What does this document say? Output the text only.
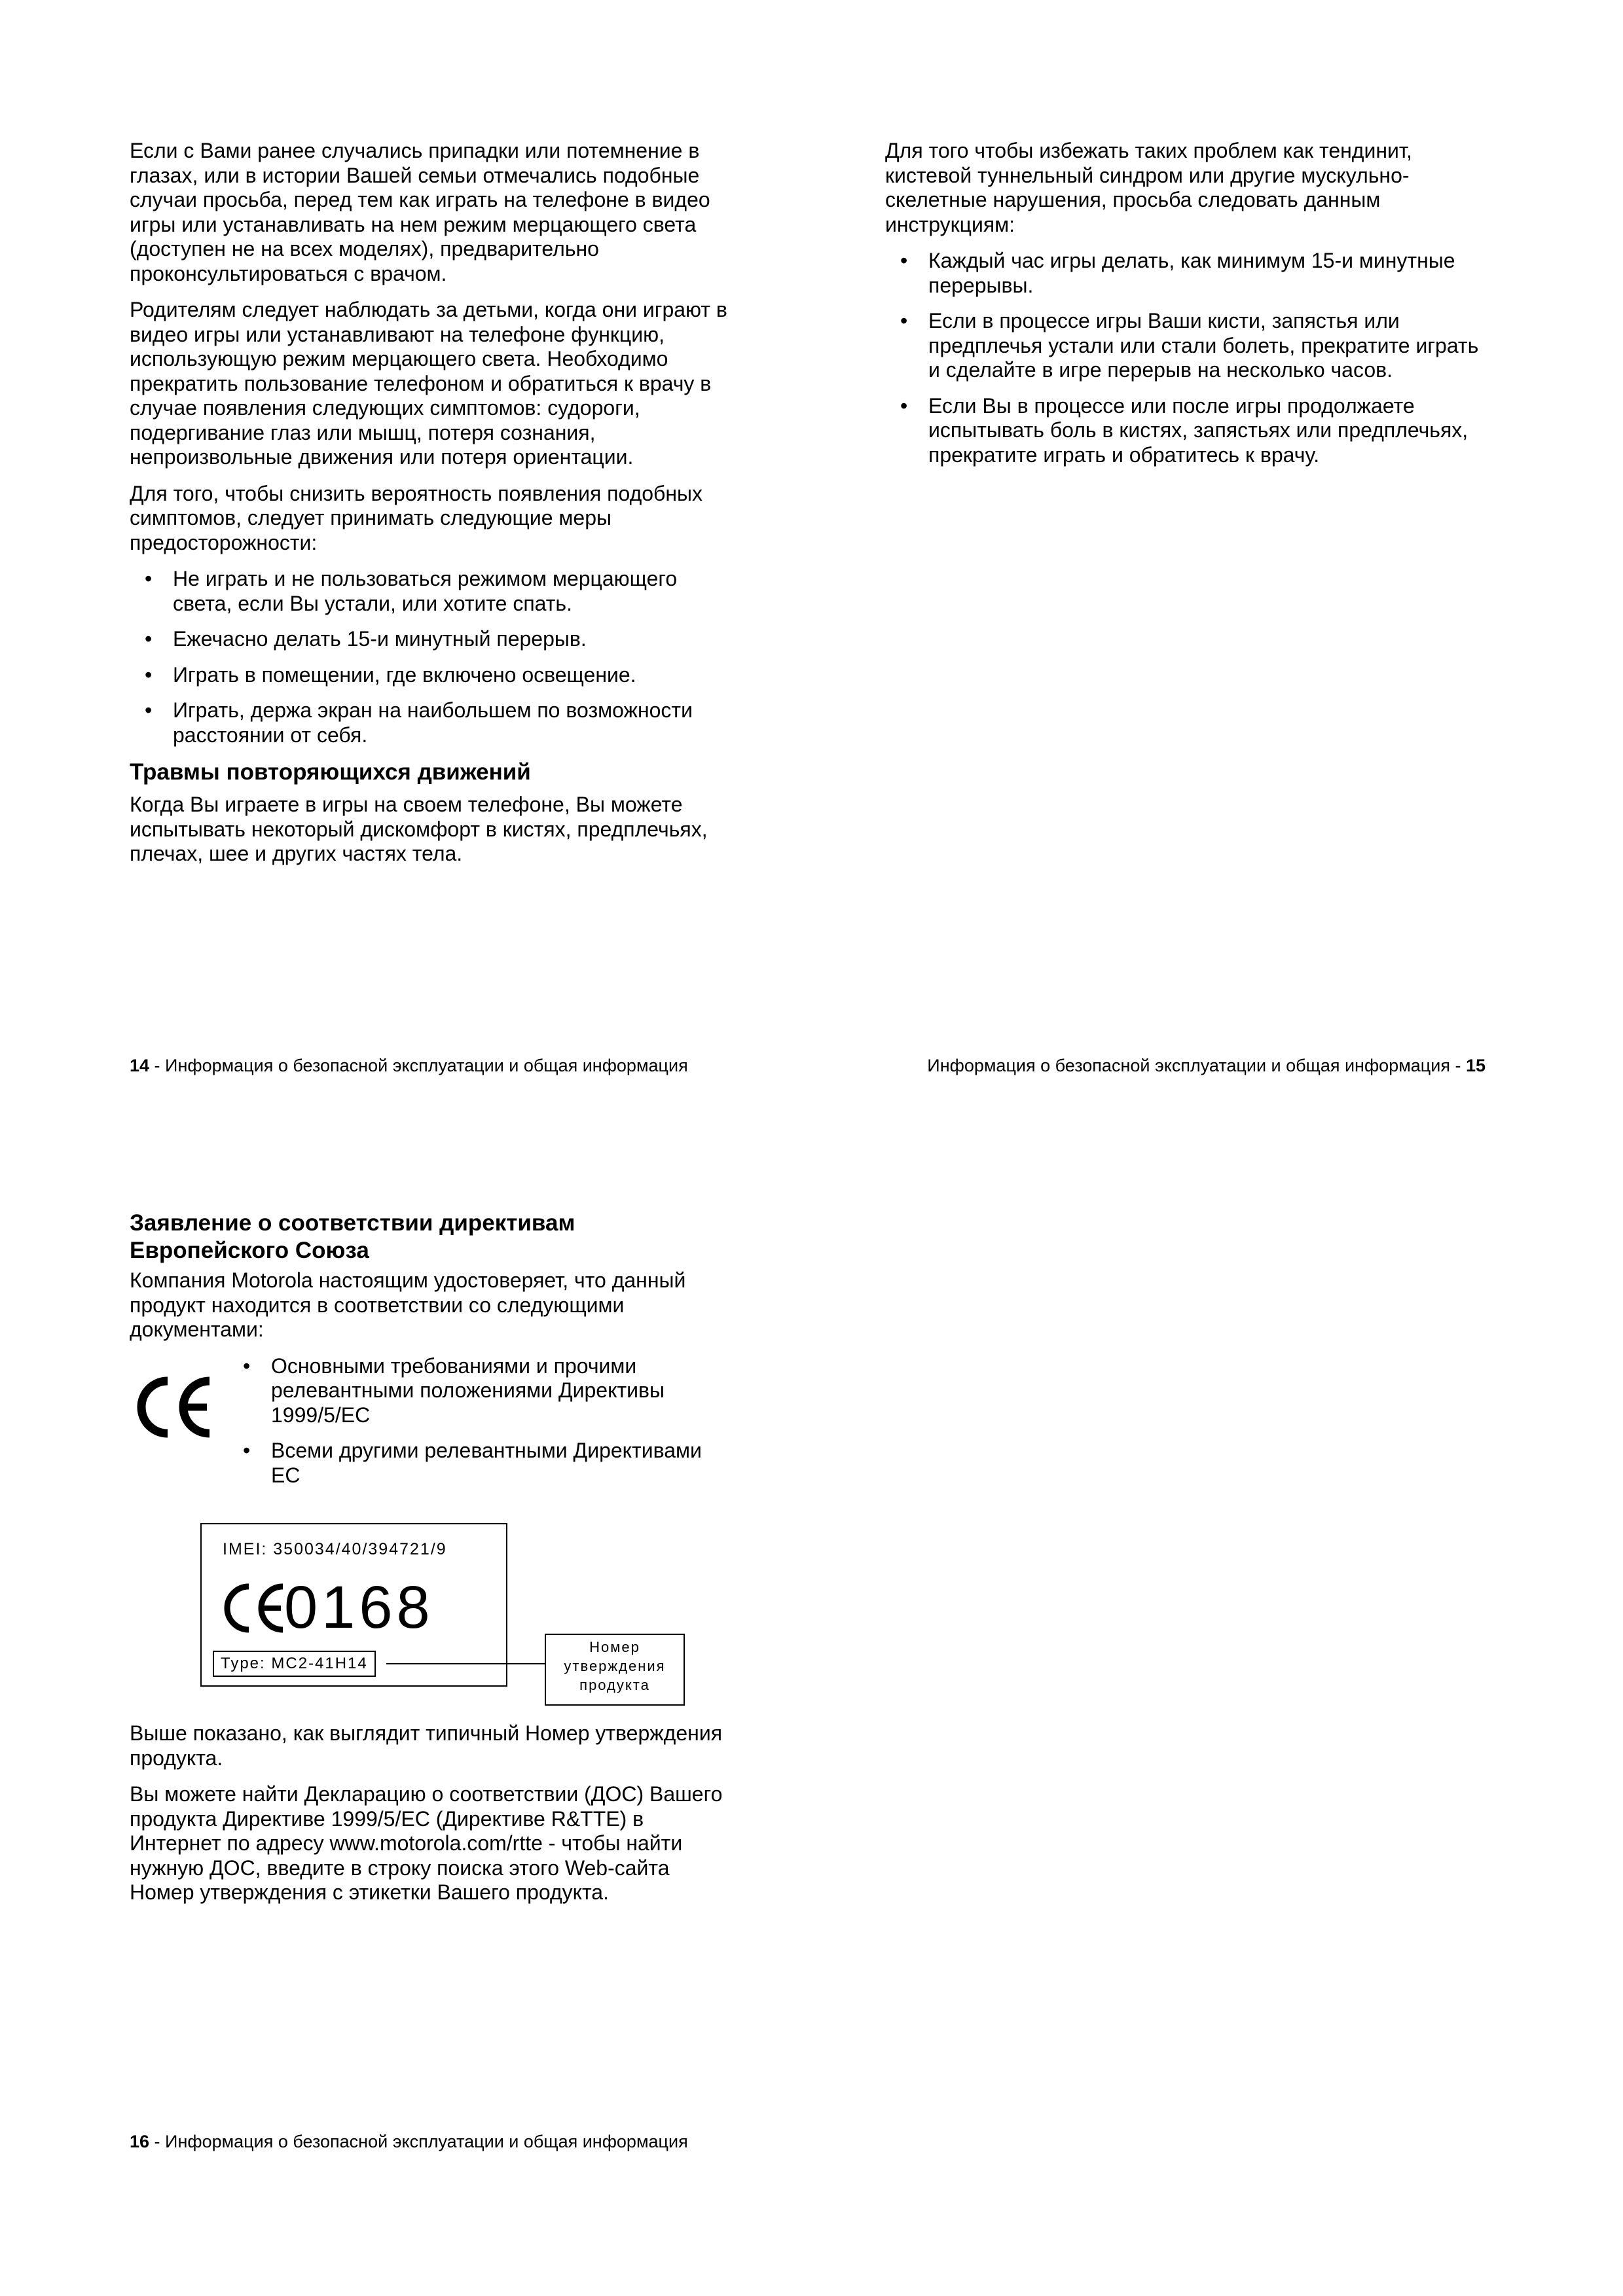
Если с Вами ранее случались припадки или потемнение в глазах, или в истории Вашей семьи отмечались подобные случаи просьба, перед тем как играть на телефоне в видео игры или устанавливать на нем режим мерцающего света (доступен не на всех моделях), предварительно проконсультироваться с врачом.

Родителям следует наблюдать за детьми, когда они играют в видео игры или устанавливают на телефоне функцию, использующую режим мерцающего света. Необходимо прекратить пользование телефоном и обратиться к врачу в случае появления следующих симптомов: судороги, подергивание глаз или мышц, потеря сознания, непроизвольные движения или потеря ориентации.

Для того, чтобы снизить вероятность появления подобных симптомов, следует принимать следующие меры предосторожности:

• Не играть и не пользоваться режимом мерцающего света, если Вы устали, или хотите спать.
• Ежечасно делать 15-и минутный перерыв.
• Играть в помещении, где включено освещение.
• Играть, держа экран на наибольшем по возможности расстоянии от себя.
Травмы повторяющихся движений

Когда Вы играете в игры на своем телефоне, Вы можете испытывать некоторый дискомфорт в кистях, предплечьях, плечах, шее и других частях тела.

14 - Информация о безопасной эксплуатации и общая информация

Для того чтобы избежать таких проблем как тендинит, кистевой туннельный синдром или другие мускульно-скелетные нарушения, просьба следовать данным инструкциям:

• Каждый час игры делать, как минимум 15-и минутные перерывы.
• Если в процессе игры Ваши кисти, запястья или предплечья устали или стали болеть, прекратите играть и сделайте в игре перерыв на несколько часов.
• Если Вы в процессе или после игры продолжаете испытывать боль в кистях, запястьях или предплечьях, прекратите играть и обратитесь к врачу.
Информация о безопасной эксплуатации и общая информация - 15
Заявление о соответствии директивам
Европейского Союза

Компания Motorola настоящим удостоверяет, что данный продукт находится в соответствии со следующими документами:

• Основными требованиями и прочими релевантными положениями Директивы 1999/5/EC
• Всеми другими релевантными Директивами EC
IMEI: 350034/40/394721/9
0168
Type: MC2-41H14
Номер
утверждения
продукта

Выше показано, как выглядит типичный Номер утверждения продукта.

Вы можете найти Декларацию о соответствии (ДОС) Вашего продукта Директиве 1999/5/EC (Директиве R&TTE) в Интернет по адресу www.motorola.com/rtte - чтобы найти нужную ДОС, введите в строку поиска этого Web-сайта Номер утверждения с этикетки Вашего продукта.

16 - Информация о безопасной эксплуатации и общая информация
